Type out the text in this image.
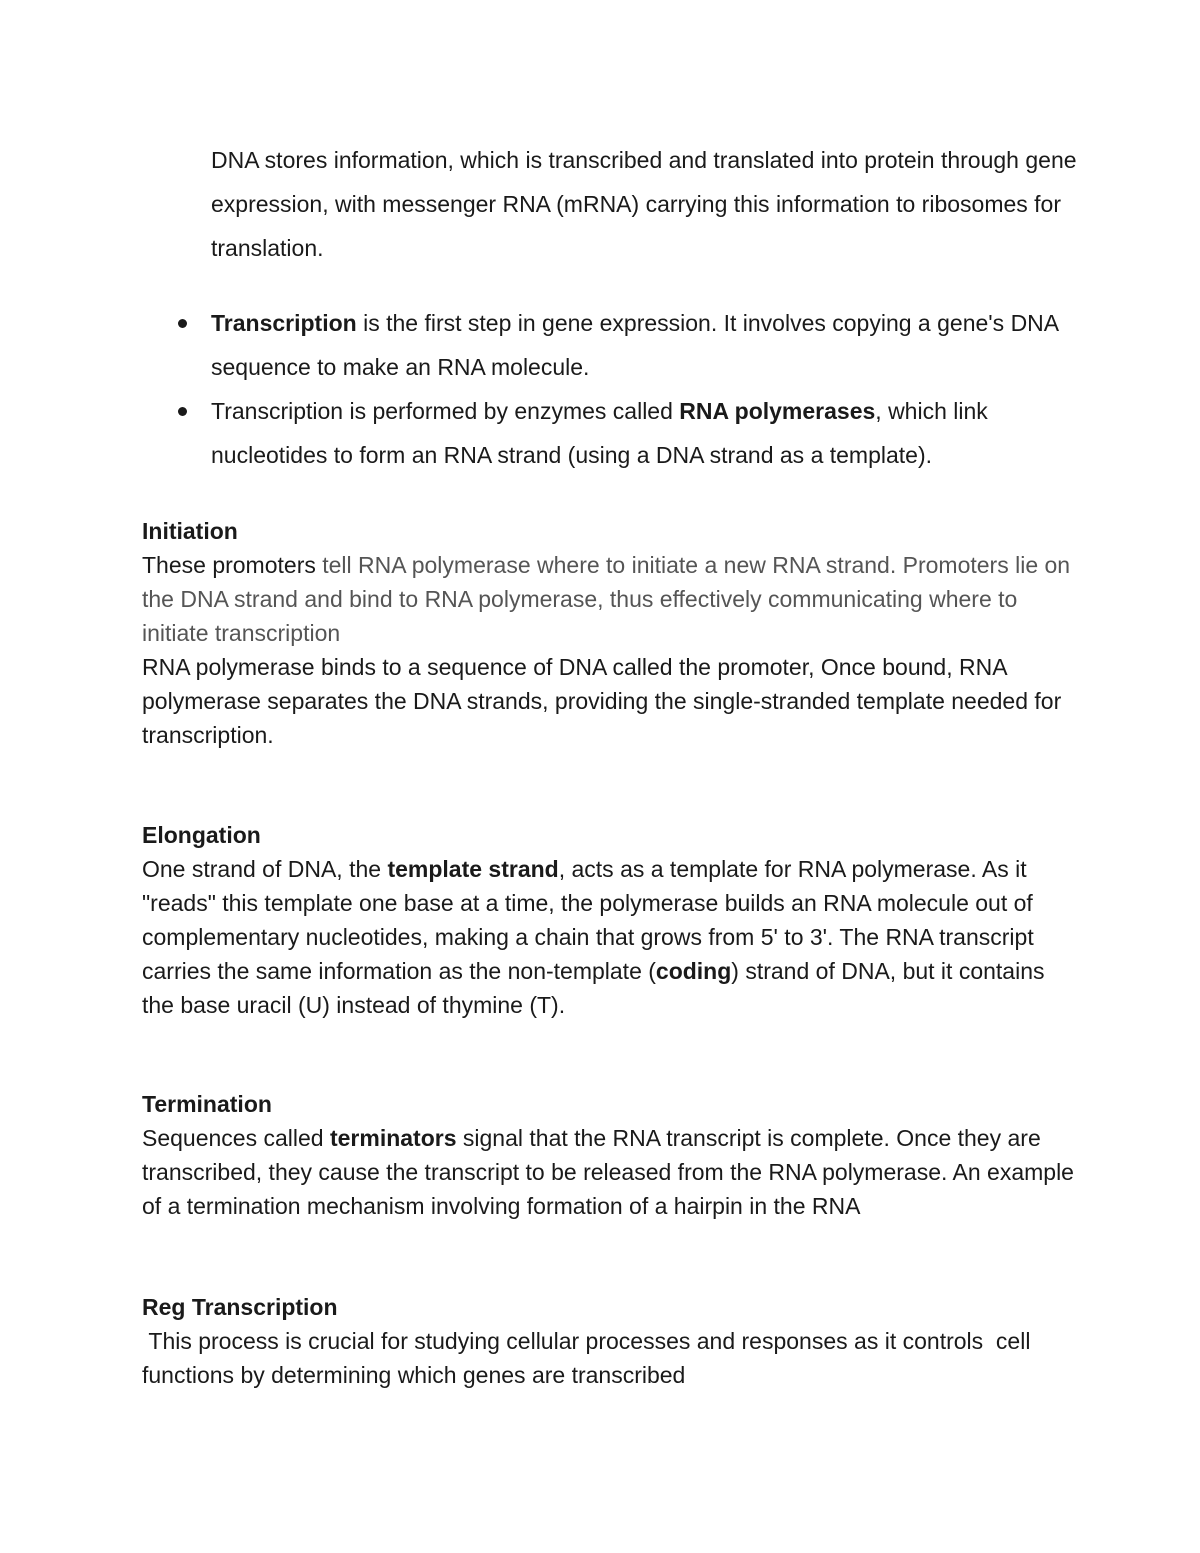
DNA stores information, which is transcribed and translated into protein through gene expression, with messenger RNA (mRNA) carrying this information to ribosomes for translation.

Transcription is the first step in gene expression. It involves copying a gene's DNA sequence to make an RNA molecule.
Transcription is performed by enzymes called RNA polymerases, which link nucleotides to form an RNA strand (using a DNA strand as a template).
Initiation

These promoters tell RNA polymerase where to initiate a new RNA strand. Promoters lie on the DNA strand and bind to RNA polymerase, thus effectively communicating where to initiate transcription

RNA polymerase binds to a sequence of DNA called the promoter, Once bound, RNA polymerase separates the DNA strands, providing the single-stranded template needed for transcription.

Elongation

One strand of DNA, the template strand, acts as a template for RNA polymerase. As it "reads" this template one base at a time, the polymerase builds an RNA molecule out of complementary nucleotides, making a chain that grows from 5' to 3'. The RNA transcript carries the same information as the non-template (coding) strand of DNA, but it contains the base uracil (U) instead of thymine (T).

Termination

Sequences called terminators signal that the RNA transcript is complete. Once they are transcribed, they cause the transcript to be released from the RNA polymerase. An example of a termination mechanism involving formation of a hairpin in the RNA

Reg Transcription

This process is crucial for studying cellular processes and responses as it controls  cell functions by determining which genes are transcribed
